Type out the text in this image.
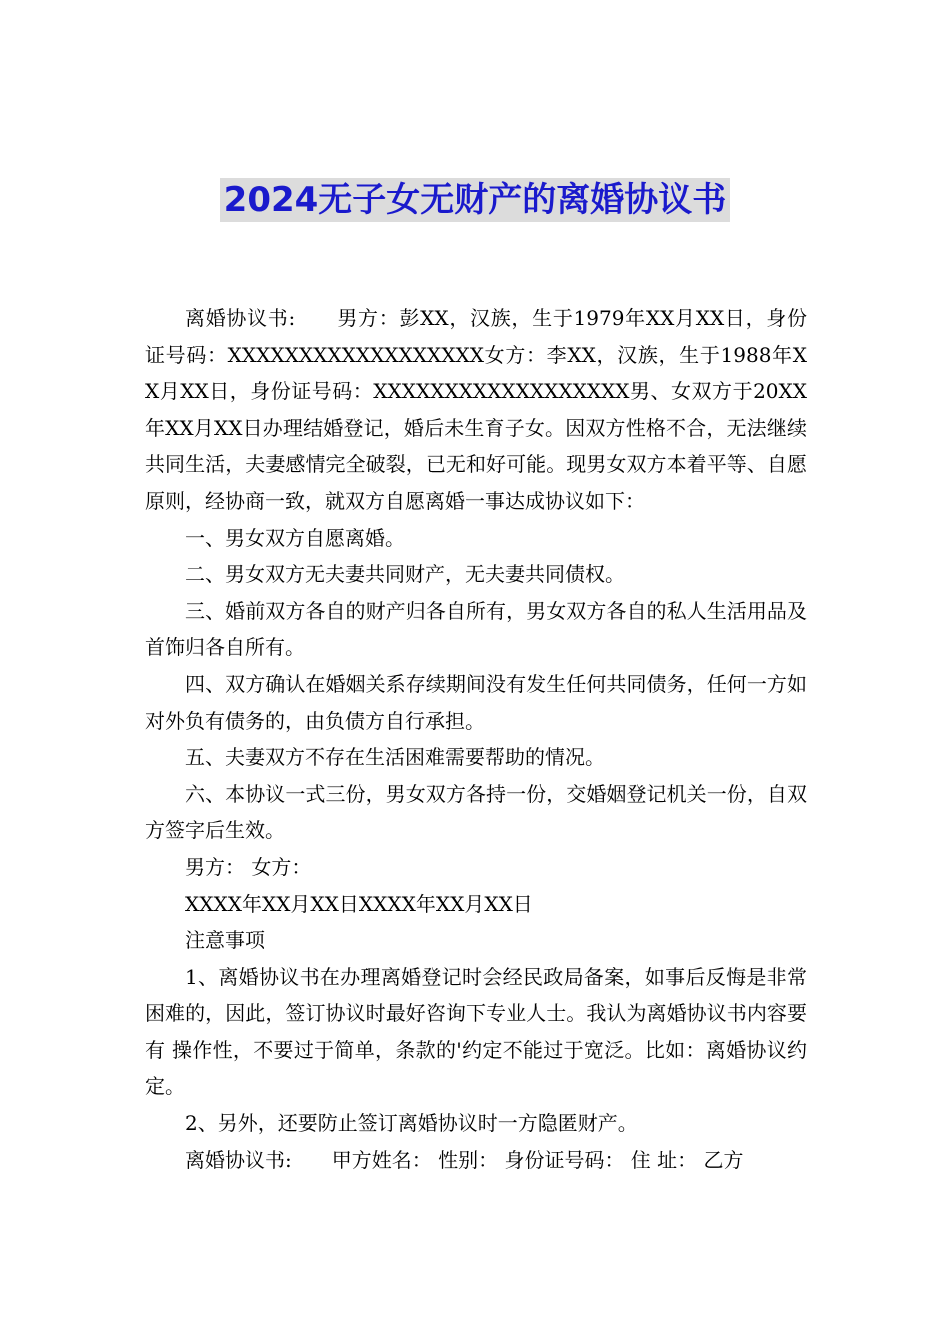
2024无子女无财产的离婚协议书

离婚协议书:　　男方：彭XX，汉族，生于1979年XX月XX日，身份证号码：XXXXXXXXXXXXXXXXXX女方：李XX，汉族，生于1988年XX月XX日，身份证号码：XXXXXXXXXXXXXXXXXX男、女双方于20XX年XX月XX日办理结婚登记，婚后未生育子女。因双方性格不合，无法继续共同生活，夫妻感情完全破裂，已无和好可能。现男女双方本着平等、自愿原则，经协商一致，就双方自愿离婚一事达成协议如下：

一、男女双方自愿离婚。

二、男女双方无夫妻共同财产，无夫妻共同债权。

三、婚前双方各自的财产归各自所有，男女双方各自的私人生活用品及首饰归各自所有。

四、双方确认在婚姻关系存续期间没有发生任何共同债务，任何一方如对外负有债务的，由负债方自行承担。

五、夫妻双方不存在生活困难需要帮助的情况。

六、本协议一式三份，男女双方各持一份，交婚姻登记机关一份，自双方签字后生效。

男方： 女方：

XXXX年XX月XX日XXXX年XX月XX日

注意事项

1、离婚协议书在办理离婚登记时会经民政局备案，如事后反悔是非常困难的，因此，签订协议时最好咨询下专业人士。我认为离婚协议书内容要有 操作性，不要过于简单，条款的'约定不能过于宽泛。比如：离婚协议约定。

2、另外，还要防止签订离婚协议时一方隐匿财产。

离婚协议书:　　甲方姓名： 性别： 身份证号码： 住 址： 乙方
